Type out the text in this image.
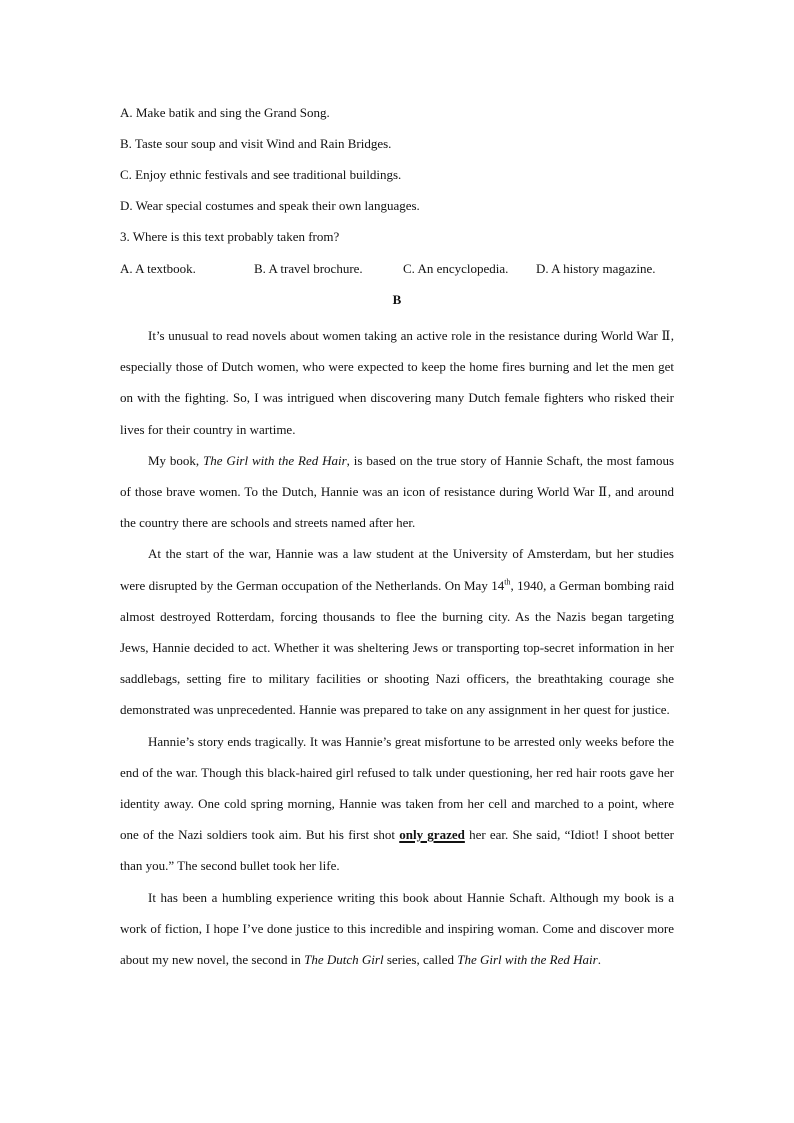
A. Make batik and sing the Grand Song.
B. Taste sour soup and visit Wind and Rain Bridges.
C. Enjoy ethnic festivals and see traditional buildings.
D. Wear special costumes and speak their own languages.
3. Where is this text probably taken from?
A. A textbook.	B. A travel brochure.	C. An encyclopedia. D. A history magazine.
B

It’s unusual to read novels about women taking an active role in the resistance during World War Ⅱ, especially those of Dutch women, who were expected to keep the home fires burning and let the men get on with the fighting. So, I was intrigued when discovering many Dutch female fighters who risked their lives for their country in wartime.

My book, The Girl with the Red Hair, is based on the true story of Hannie Schaft, the most famous of those brave women. To the Dutch, Hannie was an icon of resistance during World War Ⅱ, and around the country there are schools and streets named after her.

At the start of the war, Hannie was a law student at the University of Amsterdam, but her studies were disrupted by the German occupation of the Netherlands. On May 14th, 1940, a German bombing raid almost destroyed Rotterdam, forcing thousands to flee the burning city. As the Nazis began targeting Jews, Hannie decided to act. Whether it was sheltering Jews or transporting top-secret information in her saddlebags, setting fire to military facilities or shooting Nazi officers, the breathtaking courage she demonstrated was unprecedented. Hannie was prepared to take on any assignment in her quest for justice.

Hannie’s story ends tragically. It was Hannie’s great misfortune to be arrested only weeks before the end of the war. Though this black-haired girl refused to talk under questioning, her red hair roots gave her identity away. One cold spring morning, Hannie was taken from her cell and marched to a point, where one of the Nazi soldiers took aim. But his first shot only grazed her ear. She said, “Idiot! I shoot better than you.” The second bullet took her life.

It has been a humbling experience writing this book about Hannie Schaft. Although my book is a work of fiction, I hope I’ve done justice to this incredible and inspiring woman. Come and discover more about my new novel, the second in The Dutch Girl series, called The Girl with the Red Hair.
